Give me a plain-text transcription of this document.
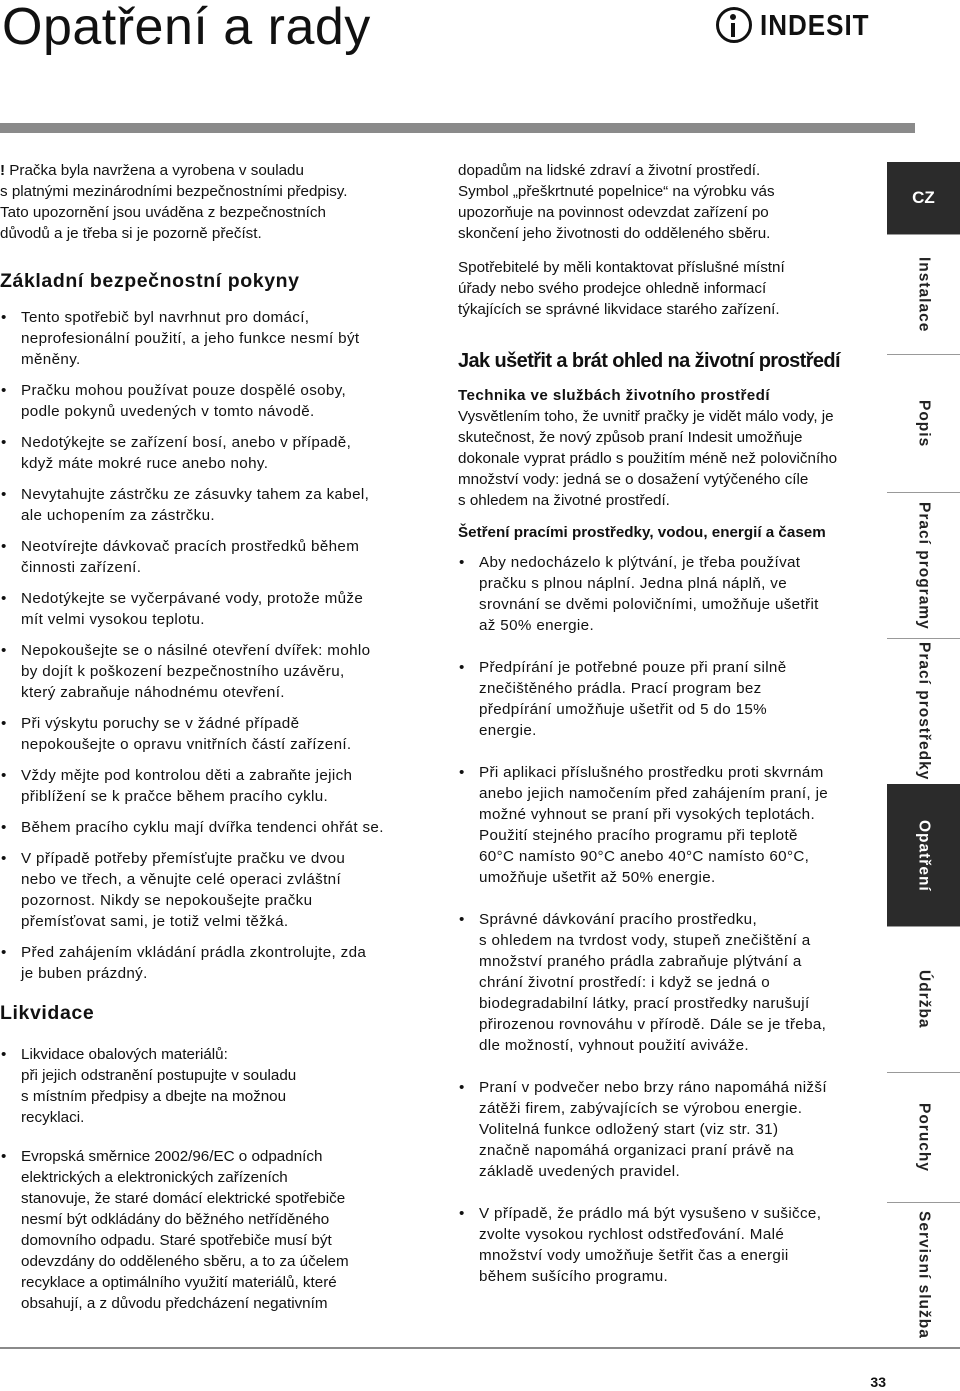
Opatření a rady	INDESIT

! Pračka byla navržena a vyrobena v souladu
s platnými mezinárodními bezpečnostními předpisy.
Tato upozornění jsou uváděna z bezpečnostních
důvodů a je třeba si je pozorně přečíst.

Základní bezpečnostní pokyny
• Tento spotřebič byl navrhnut pro domácí,
neprofesionální použití, a jeho funkce nesmí být
měněny.
• Pračku mohou používat pouze dospělé osoby,
podle pokynů uvedených v tomto návodě.
• Nedotýkejte se zařízení bosí, anebo v případě,
když máte mokré ruce anebo nohy.
• Nevytahujte zástrčku ze zásuvky tahem za kabel,
ale uchopením za zástrčku.
• Neotvírejte dávkovač pracích prostředků během
činnosti zařízení.
• Nedotýkejte se vyčerpávané vody, protože může
mít velmi vysokou teplotu.
• Nepokoušejte se o násilné otevření dvířek: mohlo
by dojít k poškození bezpečnostního uzávěru,
který zabraňuje náhodnému otevření.
• Při výskytu poruchy se v žádné případě
nepokoušejte o opravu vnitřních částí zařízení.
• Vždy mějte pod kontrolou děti a zabraňte jejich
přiblížení se k pračce během pracího cyklu.
• Během pracího cyklu mají dvířka tendenci ohřát se.
• V případě potřeby přemísťujte pračku ve dvou
nebo ve třech, a věnujte celé operaci zvláštní
pozornost. Nikdy se nepokoušejte pračku
přemísťovat sami, je totiž velmi těžká.
• Před zahájením vkládání prádla zkontrolujte, zda
je buben prázdný.
Likvidace
• Likvidace obalových materiálů:
při jejich odstranění postupujte v souladu
s místním předpisy a dbejte na možnou
recyklaci.
• Evropská směrnice 2002/96/EC o odpadních
elektrických a elektronických zařízeních
stanovuje, že staré domácí elektrické spotřebiče
nesmí být odkládány do běžného netříděného
domovního odpadu. Staré spotřebiče musí být
odevzdány do odděleného sběru, a to za účelem
recyklace a optimálního využití materiálů, které
obsahují, a z důvodu předcházení negativním

dopadům na lidské zdraví a životní prostředí.
Symbol „přeškrtnuté popelnice“ na výrobku vás
upozorňuje na povinnost odevzdat zařízení po
skončení jeho životnosti do odděleného sběru.

Spotřebitelé by měli kontaktovat příslušné místní
úřady nebo svého prodejce ohledně informací
týkajících se správné likvidace starého zařízení.

Jak ušetřit a brát ohled na životní prostředí

Technika ve službách životního prostředí

Vysvětlením toho, že uvnitř pračky je vidět málo vody, je
skutečnost, že nový způsob praní Indesit umožňuje
dokonale vyprat prádlo s použitím méně než polovičního
množství vody: jedná se o dosažení vytýčeného cíle
s ohledem na životné prostředí.

Šetření pracími prostředky, vodou, energií a časem

• Aby nedocházelo k plýtvání, je třeba používat
pračku s plnou náplní. Jedna plná náplň, ve
srovnání se dvěmi polovičními, umožňuje ušetřit
až 50% energie.
• Předpírání je potřebné pouze při praní silně
znečištěného prádla. Prací program bez
předpírání umožňuje ušetřit od 5 do 15%
energie.
• Při aplikaci příslušného prostředku proti skvrnám
anebo jejich namočením před zahájením praní, je
možné vyhnout se praní při vysokých teplotách.
Použití stejného pracího programu při teplotě
60°C namísto 90°C anebo 40°C namísto 60°C,
umožňuje ušetřit až 50% energie.
• Správné dávkování pracího prostředku,
s ohledem na tvrdost vody, stupeň znečištění a
množství praného prádla zabraňuje plýtvání a
chrání životní prostředí: i když se jedná o
biodegradabilní látky, prací prostředky narušují
přirozenou rovnováhu v přírodě. Dále se je třeba,
dle možností, vyhnout použití aviváže.
• Praní v podvečer nebo brzy ráno napomáhá nižší
zátěži firem, zabývajících se výrobou energie.
Volitelná funkce odložený start (viz str. 31)
značně napomáhá organizaci praní právě na
základě uvedených pravidel.
• V případě, že prádlo má být vysušeno v sušičce,
zvolte vysokou rychlost odstřeďování. Malé
množství vody umožňuje šetřit čas a energii
během sušícího programu.
CZ
Instalace
Popis
Prací programy
Prací prostředky
Opatření
Údržba
Poruchy
Servisní služba
33
